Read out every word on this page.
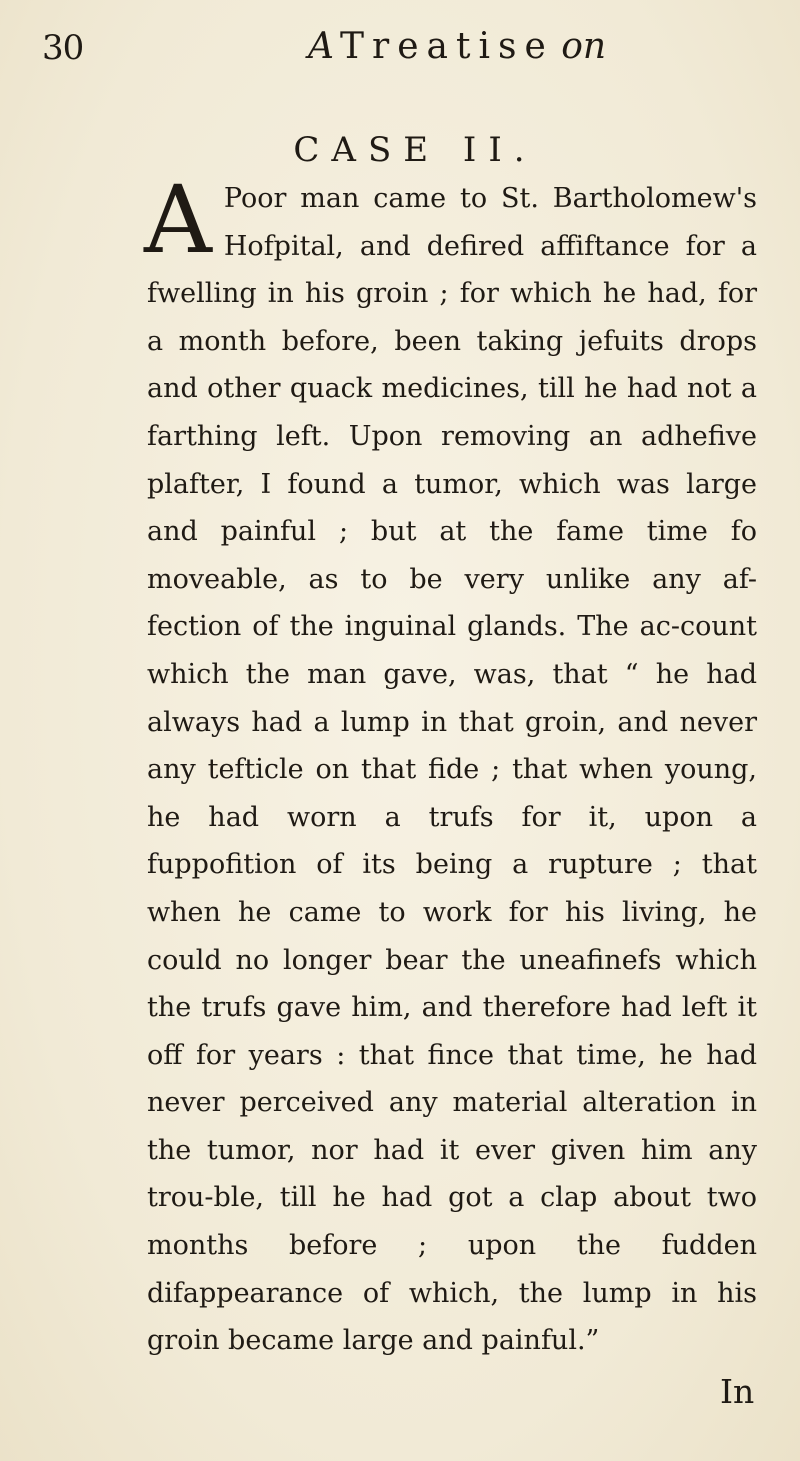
30	A Treatise on
CASE II.
A Poor man came to St. Bartholomew's Hofpital, and defired affiftance for a fwelling in his groin ; for which he had, for a month before, been taking jefuits drops and other quack medicines, till he had not a farthing left. Upon removing an adhefive plafter, I found a tumor, which was large and painful ; but at the fame time fo moveable, as to be very unlike any af-fection of the inguinal glands. The ac-count which the man gave, was, that “ he had always had a lump in that groin, and never any tefticle on that fide ; that when young, he had worn a trufs for it, upon a fuppofition of its being a rupture ; that when he came to work for his living, he could no longer bear the uneafinefs which the trufs gave him, and therefore had left it off for years : that fince that time, he had never perceived any material alteration in the tumor, nor had it ever given him any trou-ble, till he had got a clap about two months before ; upon the fudden difappearance of which, the lump in his groin became large and painful.”
In
